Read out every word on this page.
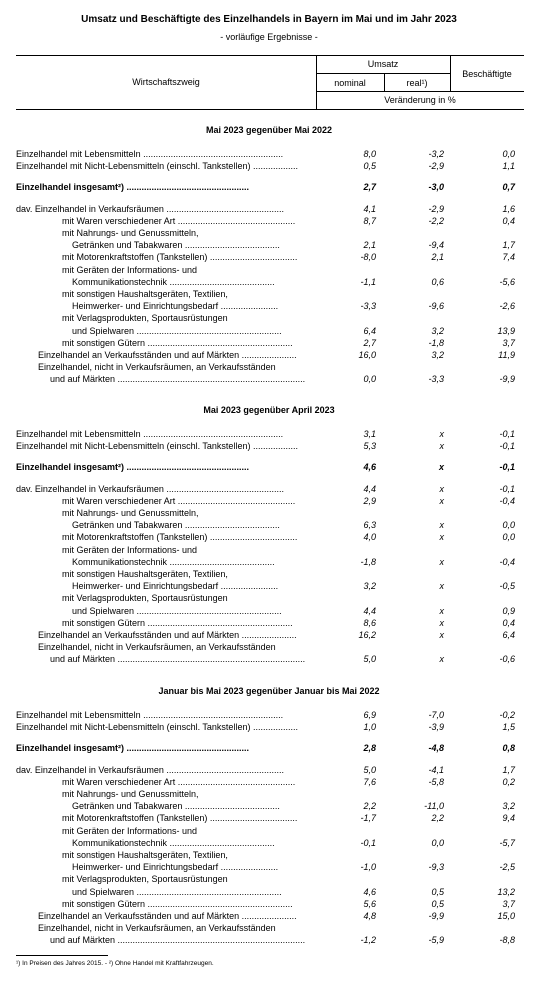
Umsatz und Beschäftigte des Einzelhandels in Bayern im Mai und im Jahr 2023
- vorläufige Ergebnisse -
Wirtschaftszweig
Umsatz
nominal	real¹)
Beschäftigte
Veränderung in %
Mai 2023 gegenüber Mai 2022
Einzelhandel mit Lebensmitteln ........................................................	8,0	-3,2	0,0
Einzelhandel mit Nicht-Lebensmitteln (einschl. Tankstellen) ..................	0,5	-2,9	1,1
Einzelhandel insgesamt²) .................................................	2,7	-3,0	0,7
dav. Einzelhandel in Verkaufsräumen ...............................................	4,1	-2,9	1,6
mit Waren verschiedener Art ...............................................	8,7	-2,2	0,4
mit Nahrungs- und Genussmitteln,
Getränken und Tabakwaren ......................................	2,1	-9,4	1,7
mit Motorenkraftstoffen (Tankstellen) ...................................	-8,0	2,1	7,4
mit Geräten der Informations- und
Kommunikationstechnik ..........................................	-1,1	0,6	-5,6
mit sonstigen Haushaltsgeräten, Textilien,
Heimwerker- und Einrichtungsbedarf .......................	-3,3	-9,6	-2,6
mit Verlagsprodukten, Sportausrüstungen
und Spielwaren ..........................................................	6,4	3,2	13,9
mit sonstigen Gütern ..........................................................	2,7	-1,8	3,7
Einzelhandel an Verkaufsständen und auf Märkten ......................	16,0	3,2	11,9
Einzelhandel, nicht in Verkaufsräumen, an Verkaufsständen
und auf Märkten ...........................................................................	0,0	-3,3	-9,9
Mai 2023 gegenüber April 2023
Einzelhandel mit Lebensmitteln ........................................................	3,1	x	-0,1
Einzelhandel mit Nicht-Lebensmitteln (einschl. Tankstellen) ..................	5,3	x	-0,1
Einzelhandel insgesamt²) .................................................	4,6	x	-0,1
dav. Einzelhandel in Verkaufsräumen ...............................................	4,4	x	-0,1
mit Waren verschiedener Art ...............................................	2,9	x	-0,4
mit Nahrungs- und Genussmitteln,
Getränken und Tabakwaren ......................................	6,3	x	0,0
mit Motorenkraftstoffen (Tankstellen) ...................................	4,0	x	0,0
mit Geräten der Informations- und
Kommunikationstechnik ..........................................	-1,8	x	-0,4
mit sonstigen Haushaltsgeräten, Textilien,
Heimwerker- und Einrichtungsbedarf .......................	3,2	x	-0,5
mit Verlagsprodukten, Sportausrüstungen
und Spielwaren ..........................................................	4,4	x	0,9
mit sonstigen Gütern ..........................................................	8,6	x	0,4
Einzelhandel an Verkaufsständen und auf Märkten ......................	16,2	x	6,4
Einzelhandel, nicht in Verkaufsräumen, an Verkaufsständen
und auf Märkten ...........................................................................	5,0	x	-0,6
Januar bis Mai 2023 gegenüber Januar bis Mai 2022
Einzelhandel mit Lebensmitteln ........................................................	6,9	-7,0	-0,2
Einzelhandel mit Nicht-Lebensmitteln (einschl. Tankstellen) ..................	1,0	-3,9	1,5
Einzelhandel insgesamt²) .................................................	2,8	-4,8	0,8
dav. Einzelhandel in Verkaufsräumen ...............................................	5,0	-4,1	1,7
mit Waren verschiedener Art ...............................................	7,6	-5,8	0,2
mit Nahrungs- und Genussmitteln,
Getränken und Tabakwaren ......................................	2,2	-11,0	3,2
mit Motorenkraftstoffen (Tankstellen) ...................................	-1,7	2,2	9,4
mit Geräten der Informations- und
Kommunikationstechnik ..........................................	-0,1	0,0	-5,7
mit sonstigen Haushaltsgeräten, Textilien,
Heimwerker- und Einrichtungsbedarf .......................	-1,0	-9,3	-2,5
mit Verlagsprodukten, Sportausrüstungen
und Spielwaren ..........................................................	4,6	0,5	13,2
mit sonstigen Gütern ..........................................................	5,6	0,5	3,7
Einzelhandel an Verkaufsständen und auf Märkten ......................	4,8	-9,9	15,0
Einzelhandel, nicht in Verkaufsräumen, an Verkaufsständen
und auf Märkten ...........................................................................	-1,2	-5,9	-8,8
¹) In Preisen des Jahres 2015. - ²) Ohne Handel mit Kraftfahrzeugen.
